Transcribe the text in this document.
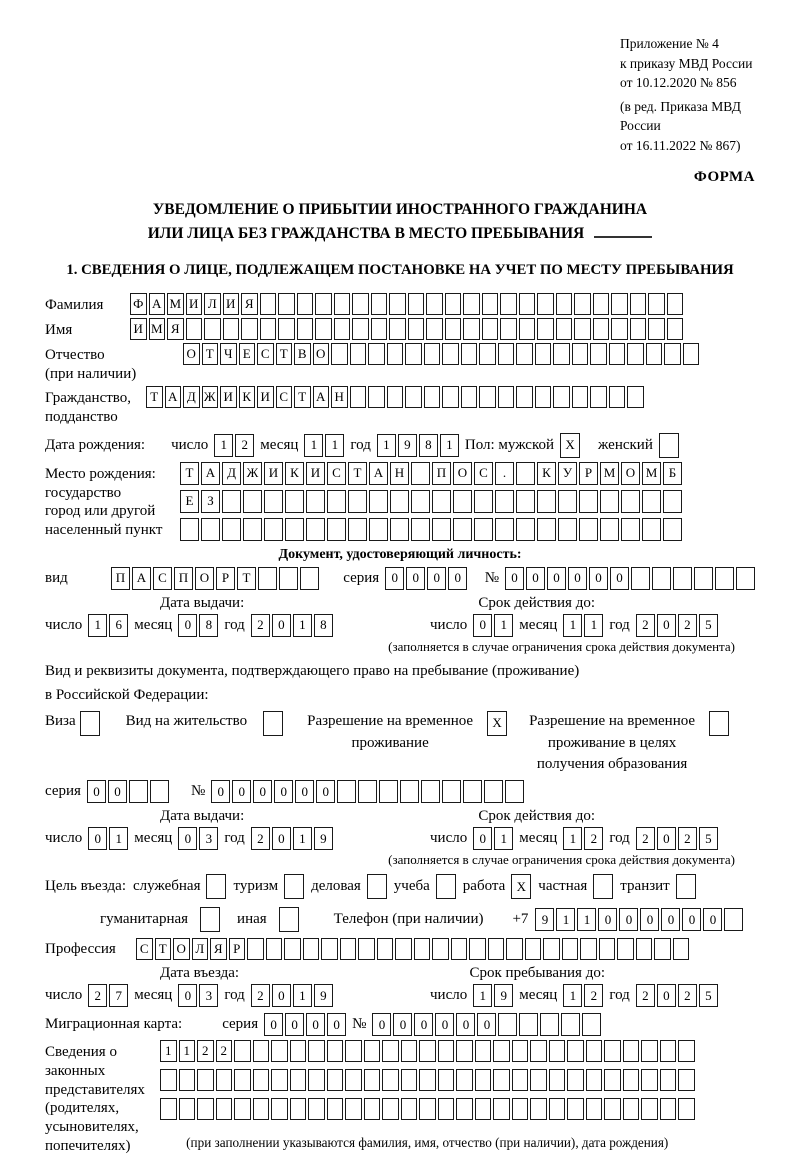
Приложение № 4
к приказу МВД России
от 10.12.2020 № 856
(в ред. Приказа МВД России
от 16.11.2022 № 867)
ФОРМА
УВЕДОМЛЕНИЕ О ПРИБЫТИИ ИНОСТРАННОГО ГРАЖДАНИНА
ИЛИ ЛИЦА БЕЗ ГРАЖДАНСТВА В МЕСТО ПРЕБЫВАНИЯ
1. СВЕДЕНИЯ О ЛИЦЕ, ПОДЛЕЖАЩЕМ ПОСТАНОВКЕ НА УЧЕТ ПО МЕСТУ ПРЕБЫВАНИЯ
Фамилия	Ф А М И Л И Я
Имя	И М Я
Отчество
(при наличии)
О Т Ч Е С Т В О
Гражданство,
подданство
Т А Д Ж И К И С Т А Н
Дата рождения: число 1	2 месяц 1	1 год 1	9	8	1 Пол: мужской X	женский
Место рождения:
государство
город или другой
населенный пункт
Т А Д Ж И К И С Т А Н	П О С	.	К У Р М О М Б
Е	З
Документ, удостоверяющий личность:
вид	П А С П О Р	Т	серия 0	0	0	0	№ 0	0	0	0	0	0
Дата выдачи:	Срок действия до:
число 1	6 месяц 0	8 год 2	0	1	8	число 0	1 месяц 1	1 год 2	0	2	5
(заполняется в случае ограничения срока действия документа)
Вид и реквизиты документа, подтверждающего право на пребывание (проживание)
в Российской Федерации:
Виза	Вид на жительство	Разрешение на временное
проживание
X	Разрешение на временное
проживание в целях
получения образования
серия 0	0	№ 0	0	0	0	0	0
Дата выдачи:	Срок действия до:
число 0	1 месяц 0	3 год 2	0	1	9	число 0	1 месяц 1	2 год 2	0	2	5
(заполняется в случае ограничения срока действия документа)
Цель въезда: служебная туризм деловая учеба работа X частная транзит
гуманитарная	иная	Телефон (при наличии) +7	9	1	1	0	0	0	0	0	0
Профессия	С Т О Л Я Р
Дата въезда:	Срок пребывания до:
число 2	7 месяц 0	3 год 2	0	1	9	число 1	9 месяц 1	2 год 2	0	2	5
Миграционная карта:	серия 0	0	0	0 № 0	0	0	0	0	0
Сведения о
законных
представителях
(родителях,
усыновителях,
попечителях)
1 1 2 2
(при заполнении указываются фамилия, имя, отчество (при наличии), дата рождения)
